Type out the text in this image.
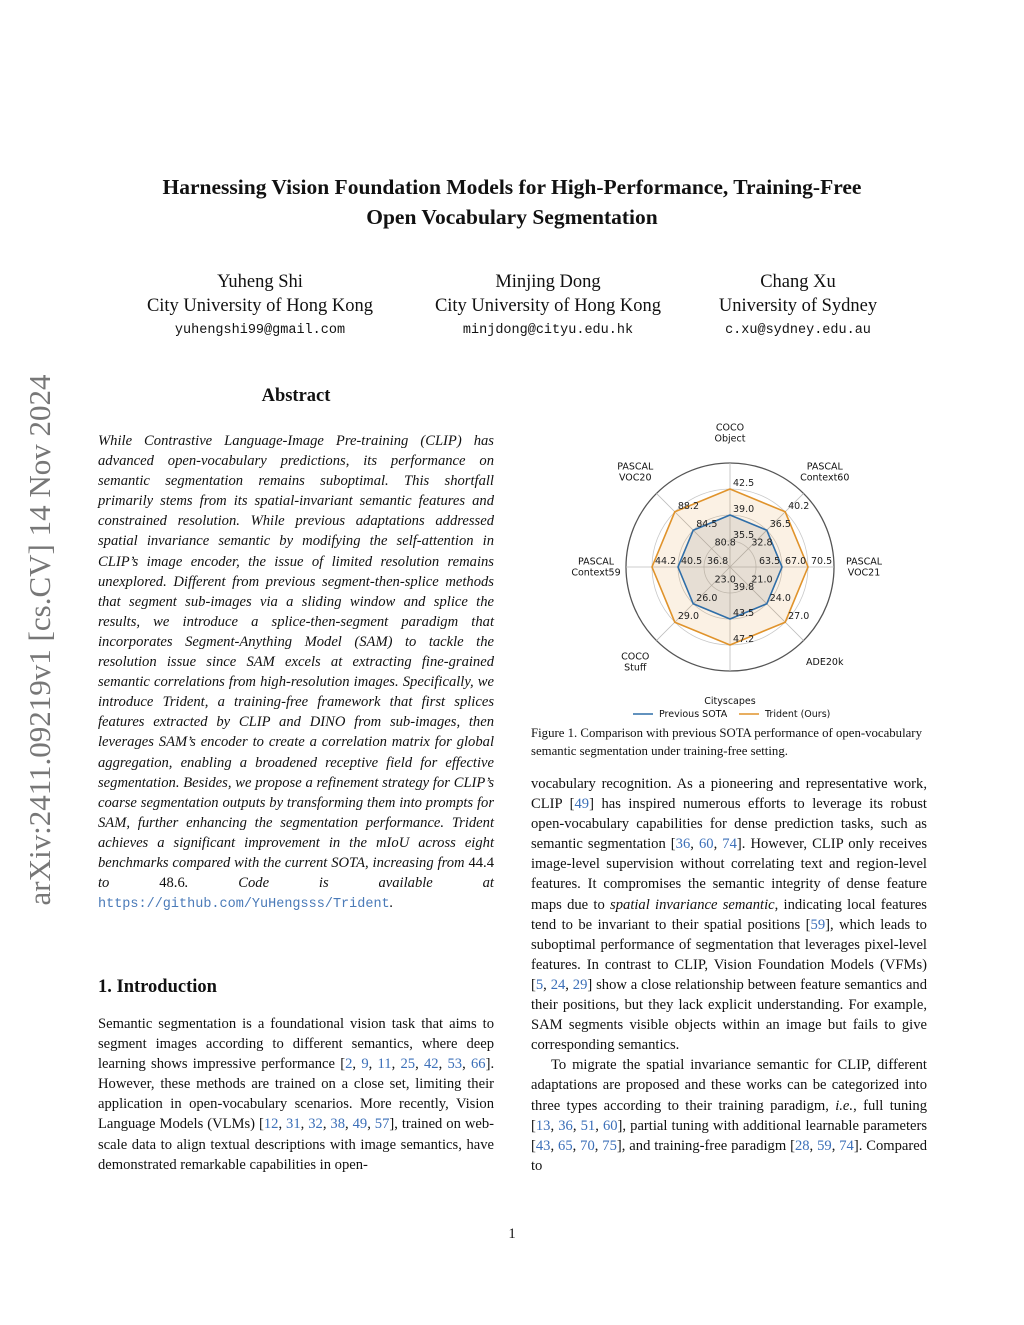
arXiv:2411.09219v1 [cs.CV] 14 Nov 2024
Harnessing Vision Foundation Models for High-Performance, Training-Free
Open Vocabulary Segmentation
Yuheng Shi
City University of Hong Kong
yuhengshi99@gmail.com
Minjing Dong
City University of Hong Kong
minjdong@cityu.edu.hk
Chang Xu
University of Sydney
c.xu@sydney.edu.au
Abstract
While Contrastive Language-Image Pre-training (CLIP) has advanced open-vocabulary predictions, its performance on semantic segmentation remains suboptimal. This shortfall primarily stems from its spatial-invariant semantic features and constrained resolution. While previous adaptations addressed spatial invariance semantic by modifying the self-attention in CLIP’s image encoder, the issue of limited resolution remains unexplored. Different from previous segment-then-splice methods that segment sub-images via a sliding window and splice the results, we introduce a splice-then-segment paradigm that incorporates Segment-Anything Model (SAM) to tackle the resolution issue since SAM excels at extracting fine-grained semantic correlations from high-resolution images. Specifically, we introduce Trident, a training-free framework that first splices features extracted by CLIP and DINO from sub-images, then leverages SAM’s encoder to create a correlation matrix for global aggregation, enabling a broadened receptive field for effective segmentation. Besides, we propose a refinement strategy for CLIP’s coarse segmentation outputs by transforming them into prompts for SAM, further enhancing the segmentation performance. Trident achieves a significant improvement in the mIoU across eight benchmarks compared with the current SOTA, increasing from 44.4 to 48.6. Code is available at https://github.com/YuHengsss/Trident.
1. Introduction
Semantic segmentation is a foundational vision task that aims to segment images according to different semantics, where deep learning shows impressive performance [2, 9, 11, 25, 42, 53, 66]. However, these methods are trained on a close set, limiting their application in open-vocabulary scenarios. More recently, Vision Language Models (VLMs) [12, 31, 32, 38, 49, 57], trained on web-scale data to align textual descriptions with image semantics, have demonstrated remarkable capabilities in open-
35.5
39.0
42.5
COCO Object
32.8
36.5
40.2
PASCAL Context60
63.5 67.0 70.5 PASCAL VOC21
21.0
24.0
27.0
ADE20k
39.8
43.5
47.2
Cityscapes
23.0
26.0
29.0
COCO Stuff
36.8
40.5
44.2
PASCAL Context59
80.8
84.5
88.2
PASCAL VOC20
Previous SOTA	Trident (Ours)
Figure 1. Comparison with previous SOTA performance of open-vocabulary semantic segmentation under training-free setting.

vocabulary recognition. As a pioneering and representative work, CLIP [49] has inspired numerous efforts to leverage its robust open-vocabulary capabilities for dense prediction tasks, such as semantic segmentation [36, 60, 74]. However, CLIP only receives image-level supervision without correlating text and region-level features. It compromises the semantic integrity of dense feature maps due to spatial invariance semantic, indicating local features tend to be invariant to their spatial positions [59], which leads to suboptimal performance of segmentation that leverages pixel-level features. In contrast to CLIP, Vision Foundation Models (VFMs) [5, 24, 29] show a close relationship between feature semantics and their positions, but they lack explicit understanding. For example, SAM segments visible objects within an image but fails to give corresponding semantics.

To migrate the spatial invariance semantic for CLIP, different adaptations are proposed and these works can be categorized into three types according to their training paradigm, i.e., full tuning [13, 36, 51, 60], partial tuning with additional learnable parameters [43, 65, 70, 75], and training-free paradigm [28, 59, 74]. Compared to

1
